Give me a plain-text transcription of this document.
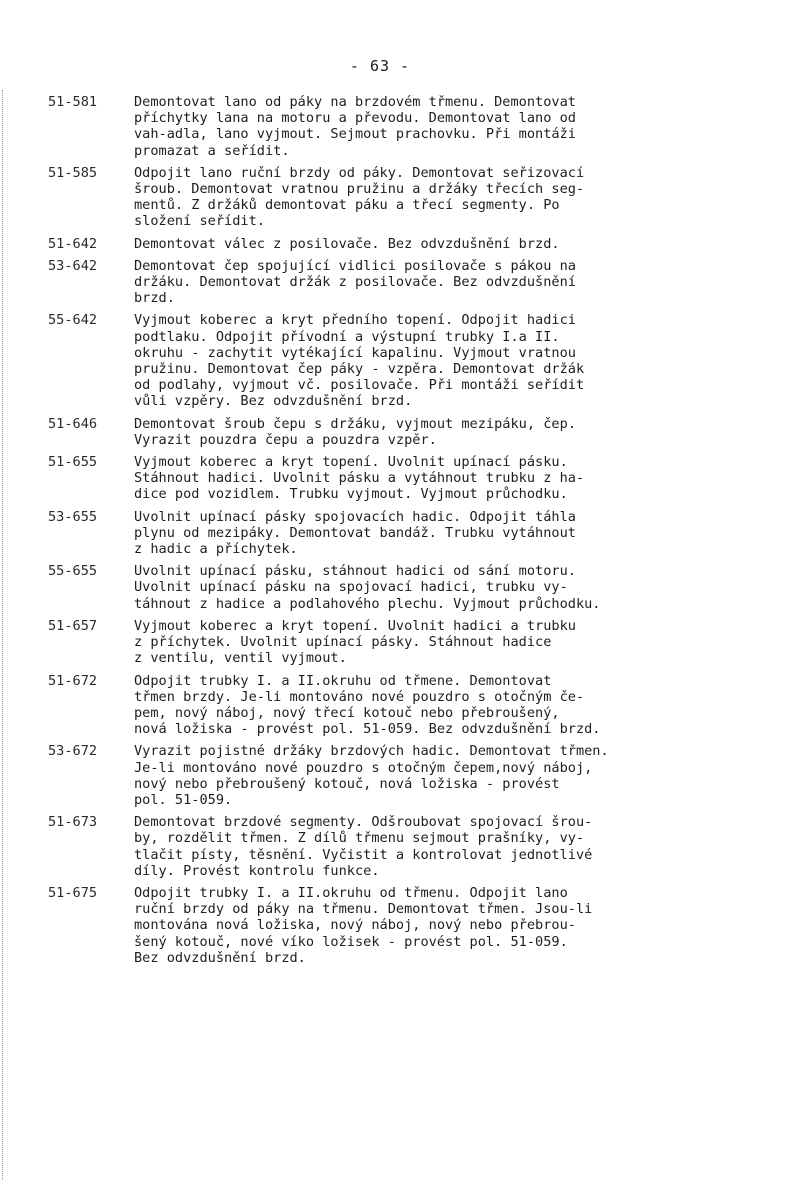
- 63 -
51-581	Demontovat lano od páky na brzdovém třmenu. Demontovat
příchytky lana na motoru a převodu. Demontovat lano od
vah-adla, lano vyjmout. Sejmout prachovku. Při montáži
promazat a seřídit.
51-585	Odpojit lano ruční brzdy od páky. Demontovat seřizovací
šroub. Demontovat vratnou pružinu a držáky třecích seg-
mentů. Z držáků demontovat páku a třecí segmenty. Po
složení seřídit.
51-642	Demontovat válec z posilovače. Bez odvzdušnění brzd.
53-642	Demontovat čep spojující vidlici posilovače s pákou na
držáku. Demontovat držák z posilovače. Bez odvzdušnění
brzd.
55-642	Vyjmout koberec a kryt předního topení. Odpojit hadici
podtlaku. Odpojit přívodní a výstupní trubky I.a II.
okruhu - zachytit vytékající kapalinu. Vyjmout vratnou
pružinu. Demontovat čep páky - vzpěra. Demontovat držák
od podlahy, vyjmout vč. posilovače. Při montáži seřídit
vůli vzpěry. Bez odvzdušnění brzd.
51-646	Demontovat šroub čepu s držáku, vyjmout mezipáku, čep.
Vyrazit pouzdra čepu a pouzdra vzpěr.
51-655	Vyjmout koberec a kryt topení. Uvolnit upínací pásku.
Stáhnout hadici. Uvolnit pásku a vytáhnout trubku z ha-
dice pod vozidlem. Trubku vyjmout. Vyjmout průchodku.
53-655	Uvolnit upínací pásky spojovacích hadic. Odpojit táhla
plynu od mezipáky. Demontovat bandáž. Trubku vytáhnout
z hadic a příchytek.
55-655	Uvolnit upínací pásku, stáhnout hadici od sání motoru.
Uvolnit upínací pásku na spojovací hadici, trubku vy-
táhnout z hadice a podlahového plechu. Vyjmout průchodku.
51-657	Vyjmout koberec a kryt topení. Uvolnit hadici a trubku
z příchytek. Uvolnit upínací pásky. Stáhnout hadice
z ventilu, ventil vyjmout.
51-672	Odpojit trubky I. a II.okruhu od třmene. Demontovat
třmen brzdy. Je-li montováno nové pouzdro s otočným če-
pem, nový náboj, nový třecí kotouč nebo přebroušený,
nová ložiska - provést pol. 51-059. Bez odvzdušnění brzd.
53-672	Vyrazit pojistné držáky brzdových hadic. Demontovat třmen.
Je-li montováno nové pouzdro s otočným čepem,nový náboj,
nový nebo přebroušený kotouč, nová ložiska - provést
pol. 51-059.
51-673	Demontovat brzdové segmenty. Odšroubovat spojovací šrou-
by, rozdělit třmen. Z dílů třmenu sejmout prašníky, vy-
tlačit písty, těsnění. Vyčistit a kontrolovat jednotlivé
díly. Provést kontrolu funkce.
51-675	Odpojit trubky I. a II.okruhu od třmenu. Odpojit lano
ruční brzdy od páky na třmenu. Demontovat třmen. Jsou-li
montována nová ložiska, nový náboj, nový nebo přebrou-
šený kotouč, nové víko ložisek - provést pol. 51-059.
Bez odvzdušnění brzd.
